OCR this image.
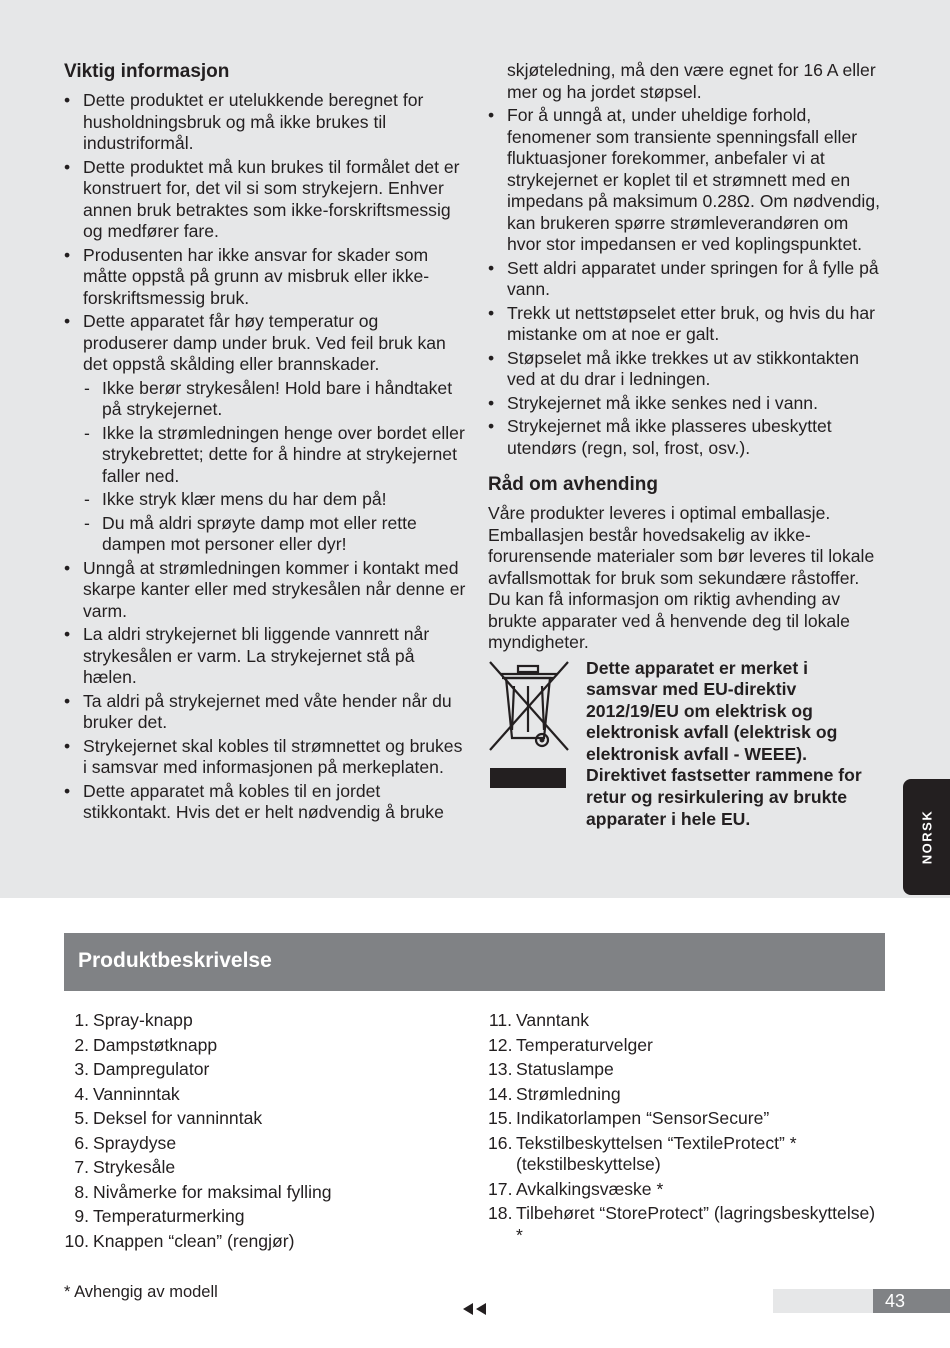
Viktig informasjon
• Dette produktet er utelukkende beregnet for husholdningsbruk og må ikke brukes til industriformål.
• Dette produktet må kun brukes til formålet det er konstruert for, det vil si som strykejern. Enhver annen bruk betraktes som ikke-forskriftsmessig og medfører fare.
• Produsenten har ikke ansvar for skader som måtte oppstå på grunn av misbruk eller ikke-forskriftsmessig bruk.
• Dette apparatet får høy temperatur og produserer damp under bruk. Ved feil bruk kan det oppstå skålding eller brannskader.
- Ikke berør strykesålen! Hold bare i håndtaket på strykejernet.
- Ikke la strømledningen henge over bordet eller strykebrettet; dette for å hindre at strykejernet faller ned.
- Ikke stryk klær mens du har dem på!
- Du må aldri sprøyte damp mot eller rette dampen mot personer eller dyr!
• Unngå at strømledningen kommer i kontakt med skarpe kanter eller med strykesålen når denne er varm.
• La aldri strykejernet bli liggende vannrett når strykesålen er varm. La strykejernet stå på hælen.
• Ta aldri på strykejernet med våte hender når du bruker det.
• Strykejernet skal kobles til strømnettet og brukes i samsvar med informasjonen på merkeplaten.
• Dette apparatet må kobles til en jordet stikkontakt. Hvis det er helt nødvendig å bruke
skjøteledning, må den være egnet for 16 A eller mer og ha jordet støpsel.
• For å unngå at, under uheldige forhold, fenomener som transiente spenningsfall eller fluktuasjoner forekommer, anbefaler vi at strykejernet er koplet til et strømnett med en impedans på maksimum 0.28Ω. Om nødvendig, kan brukeren spørre strømleverandøren om hvor stor impedansen er ved koplingspunktet.
• Sett aldri apparatet under springen for å fylle på vann.
• Trekk ut nettstøpselet etter bruk, og hvis du har mistanke om at noe er galt.
• Støpselet må ikke trekkes ut av stikkontakten ved at du drar i ledningen.
• Strykejernet må ikke senkes ned i vann.
• Strykejernet må ikke plasseres ubeskyttet utendørs (regn, sol, frost, osv.).
Råd om avhending

Våre produkter leveres i optimal emballasje. Emballasjen består hovedsakelig av ikke-forurensende materialer som bør leveres til lokale avfallsmottak for bruk som sekundære råstoffer. Du kan få informasjon om riktig avhending av brukte apparater ved å henvende deg til lokale myndigheter.

Dette apparatet er merket i samsvar med EU-direktiv 2012/19/EU om elektrisk og elektronisk avfall (elektrisk og elektronisk avfall - WEEE). Direktivet fastsetter rammene for retur og resirkulering av brukte apparater i hele EU.	NORSK
Produktbeskrivelse
1. Spray-knapp
2. Dampstøtknapp
3. Dampregulator
4. Vanninntak
5. Deksel for vanninntak
6. Spraydyse
7. Strykesåle
8. Nivåmerke for maksimal fylling
9. Temperaturmerking
10. Knappen “clean” (rengjør)
11. Vanntank
12. Temperaturvelger
13. Statuslampe
14. Strømledning
15. Indikatorlampen “SensorSecure”
16. Tekstilbeskyttelsen “TextileProtect” * (tekstilbeskyttelse)
17. Avkalkingsvæske *
18. Tilbehøret “StoreProtect” (lagringsbeskyttelse) *
* Avhengig av modell	43
